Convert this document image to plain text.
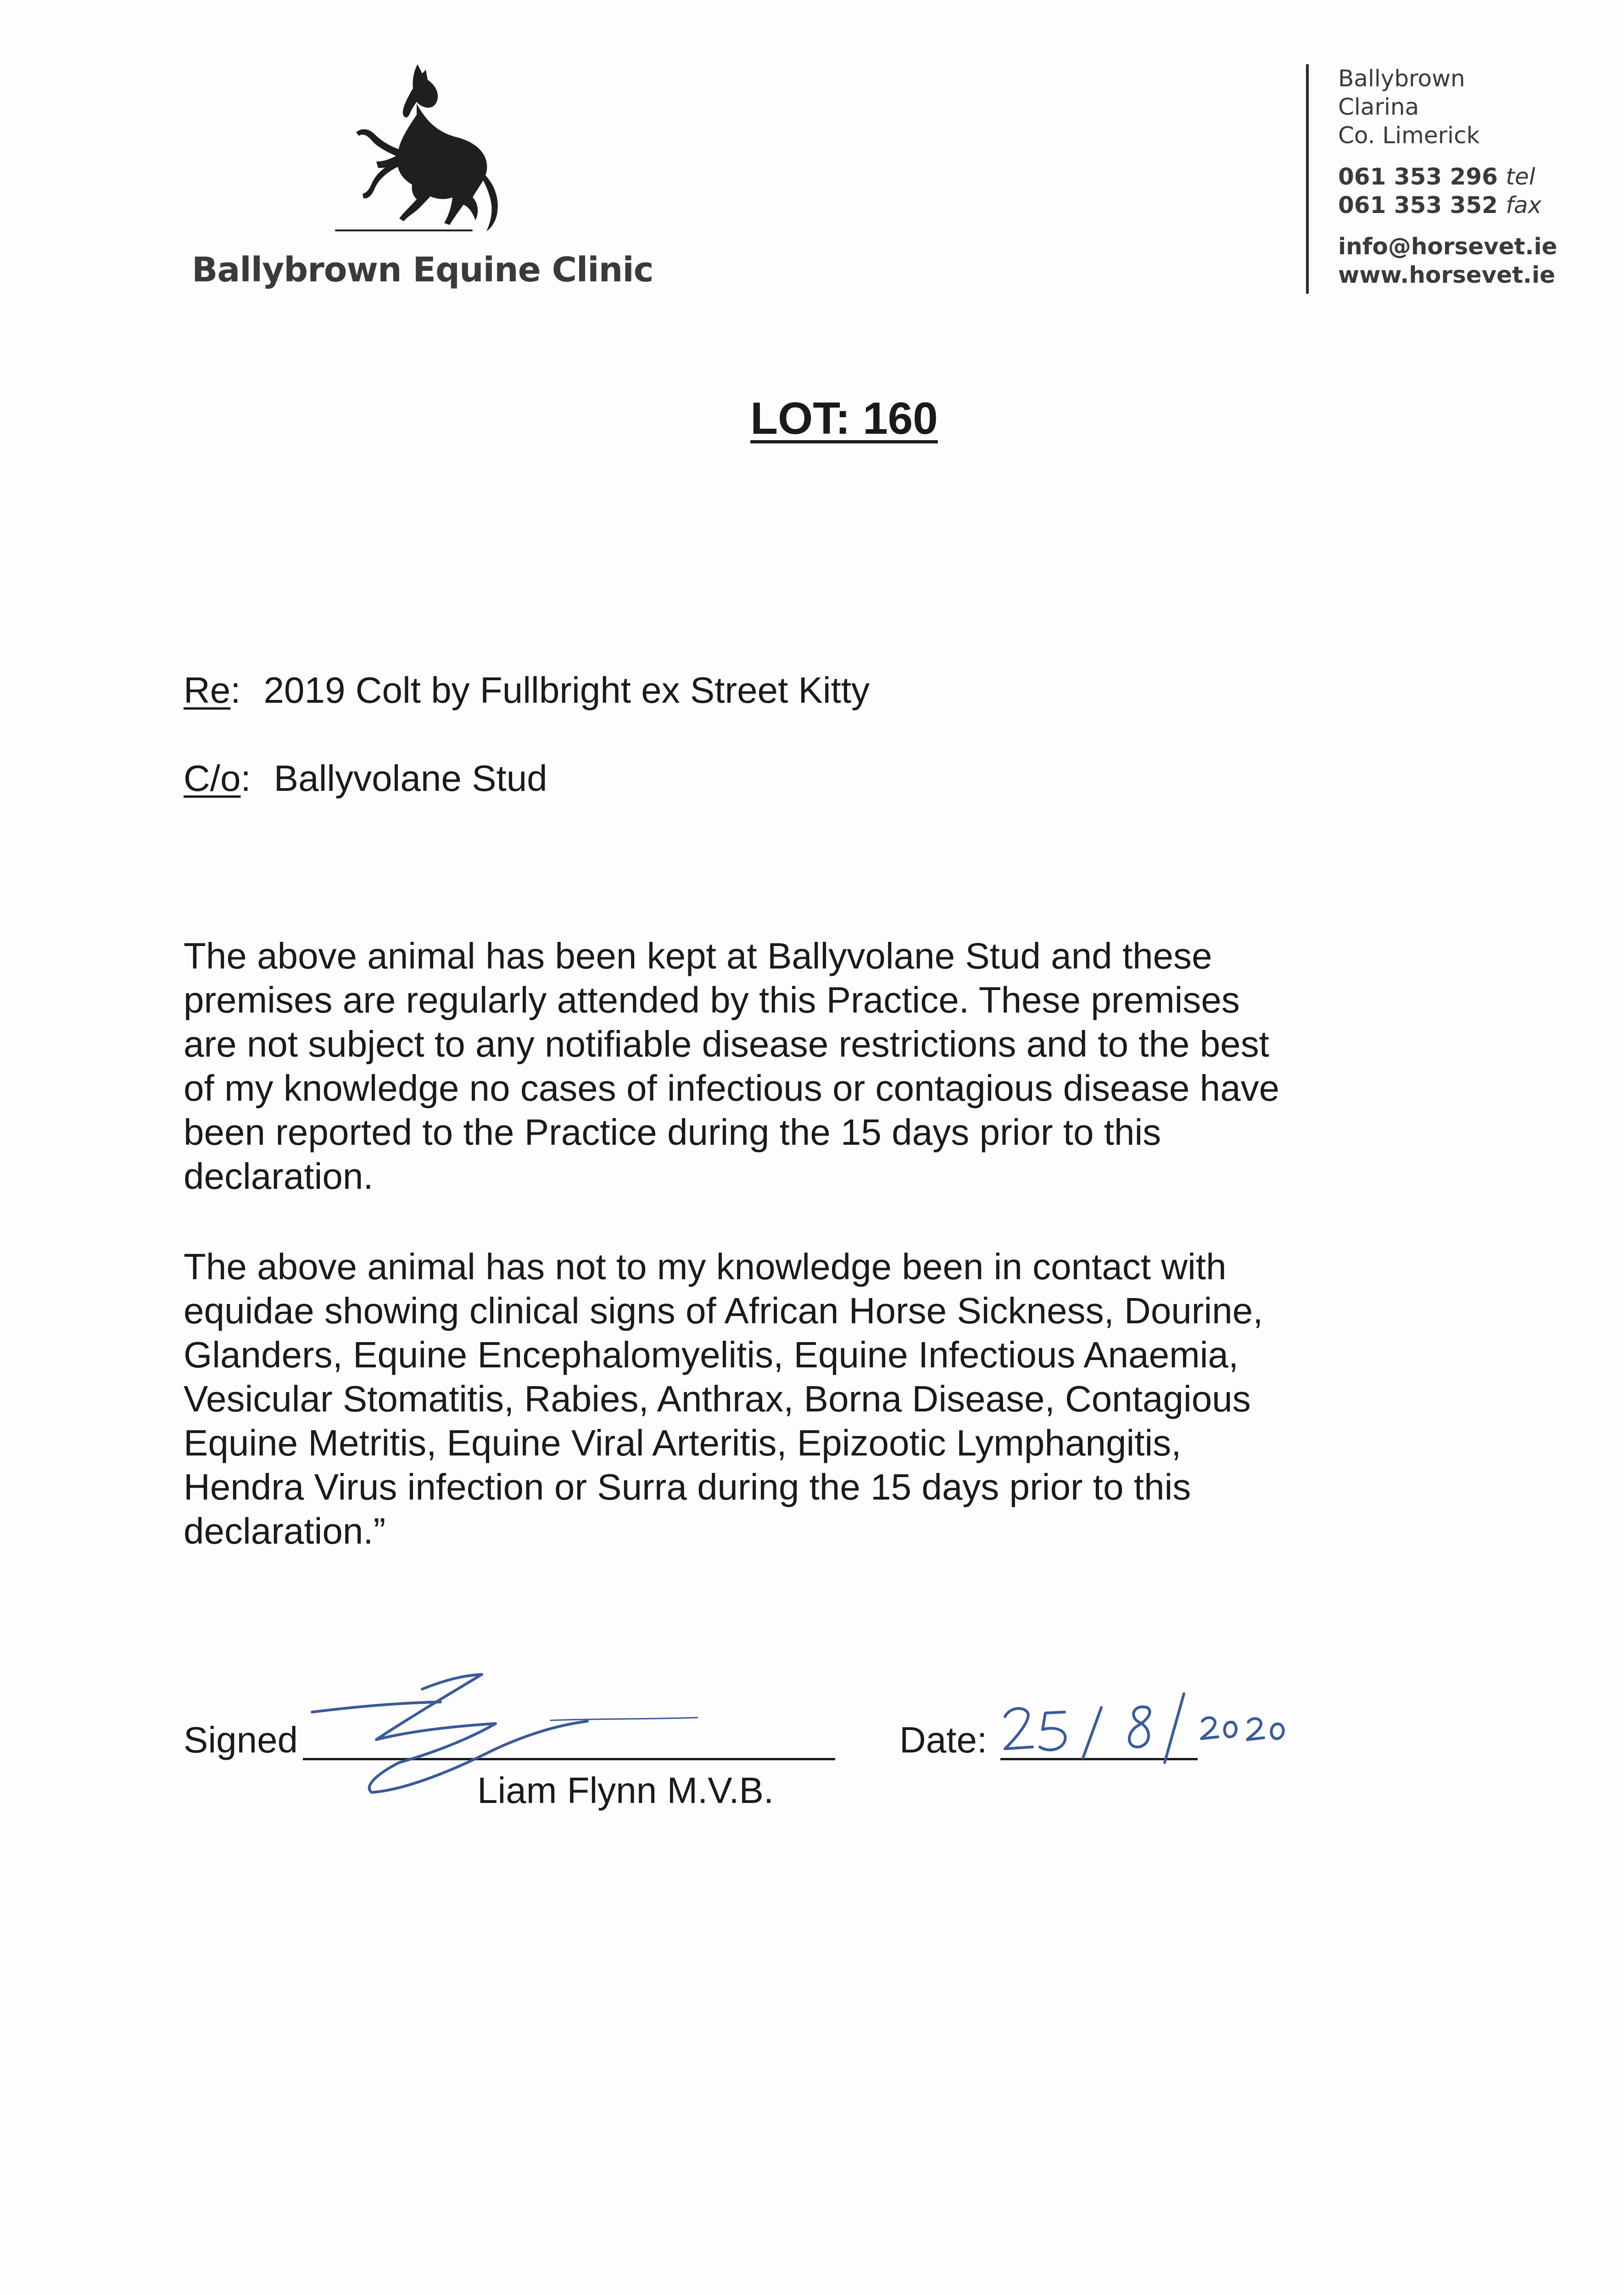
Ballybrown Equine Clinic
Ballybrown
Clarina
Co. Limerick
061 353 296 tel
061 353 352 fax
info@horsevet.ie
www.horsevet.ie
LOT: 160
Re: 2019 Colt by Fullbright ex Street Kitty
C/o: Ballyvolane Stud
The above animal has been kept at Ballyvolane Stud and these
premises are regularly attended by this Practice. These premises
are not subject to any notifiable disease restrictions and to the best
of my knowledge no cases of infectious or contagious disease have
been reported to the Practice during the 15 days prior to this
declaration.
The above animal has not to my knowledge been in contact with
equidae showing clinical signs of African Horse Sickness, Dourine,
Glanders, Equine Encephalomyelitis, Equine Infectious Anaemia,
Vesicular Stomatitis, Rabies, Anthrax, Borna Disease, Contagious
Equine Metritis, Equine Viral Arteritis, Epizootic Lymphangitis,
Hendra Virus infection or Surra during the 15 days prior to this
declaration.”
Signed
Liam Flynn M.V.B.
Date:
